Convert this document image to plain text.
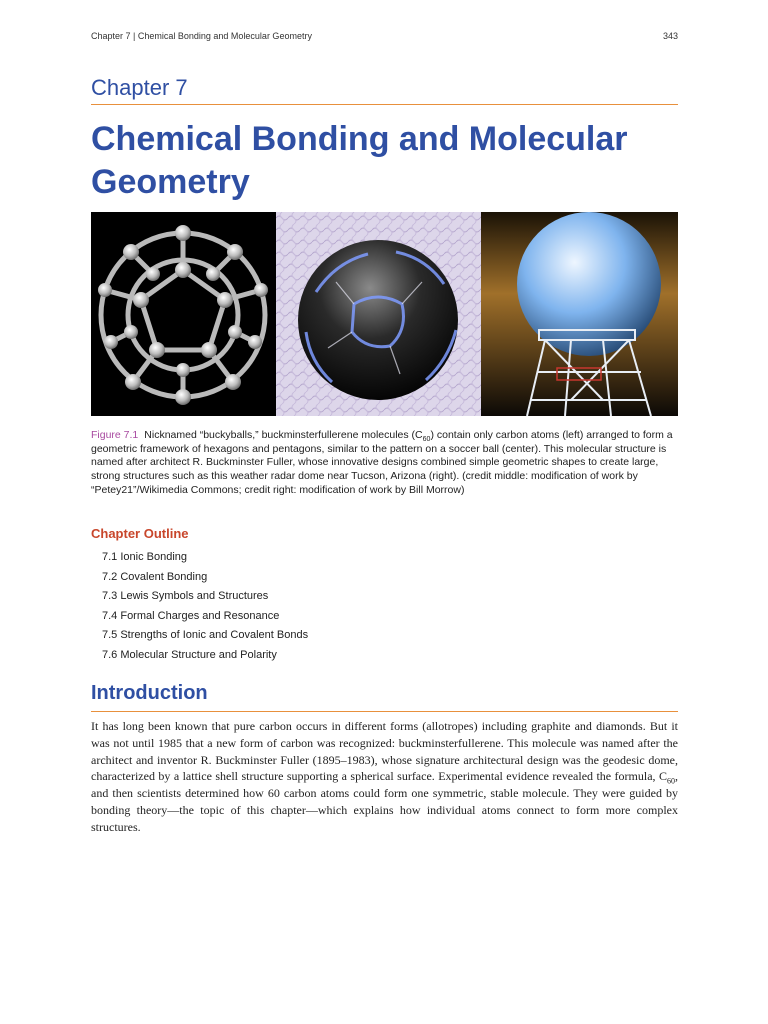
Chapter 7 | Chemical Bonding and Molecular Geometry	343
Chapter 7
Chemical Bonding and Molecular Geometry
Figure 7.1 Nicknamed “buckyballs,” buckminsterfullerene molecules $(C_{60})$ contain only carbon atoms (left) arranged to form a geometric framework of hexagons and pentagons, similar to the pattern on a soccer ball (center). This molecular structure is named after architect R. Buckminster Fuller, whose innovative designs combined simple geometric shapes to create large, strong structures such as this weather radar dome near Tucson, Arizona (right). (credit middle: modification of work by “Petey21”/Wikimedia Commons; credit right: modification of work by Bill Morrow)
Chapter Outline
7.1 Ionic Bonding
7.2 Covalent Bonding
7.3 Lewis Symbols and Structures
7.4 Formal Charges and Resonance
7.5 Strengths of Ionic and Covalent Bonds
7.6 Molecular Structure and Polarity
Introduction

It has long been known that pure carbon occurs in different forms (allotropes) including graphite and diamonds. But it was not until 1985 that a new form of carbon was recognized: buckminsterfullerene. This molecule was named after the architect and inventor R. Buckminster Fuller (1895–1983), whose signature architectural design was the geodesic dome, characterized by a lattice shell structure supporting a spherical surface. Experimental evidence revealed the formula, $C_{60}$, and then scientists determined how 60 carbon atoms could form one symmetric, stable molecule. They were guided by bonding theory—the topic of this chapter—which explains how individual atoms connect to form more complex structures.
